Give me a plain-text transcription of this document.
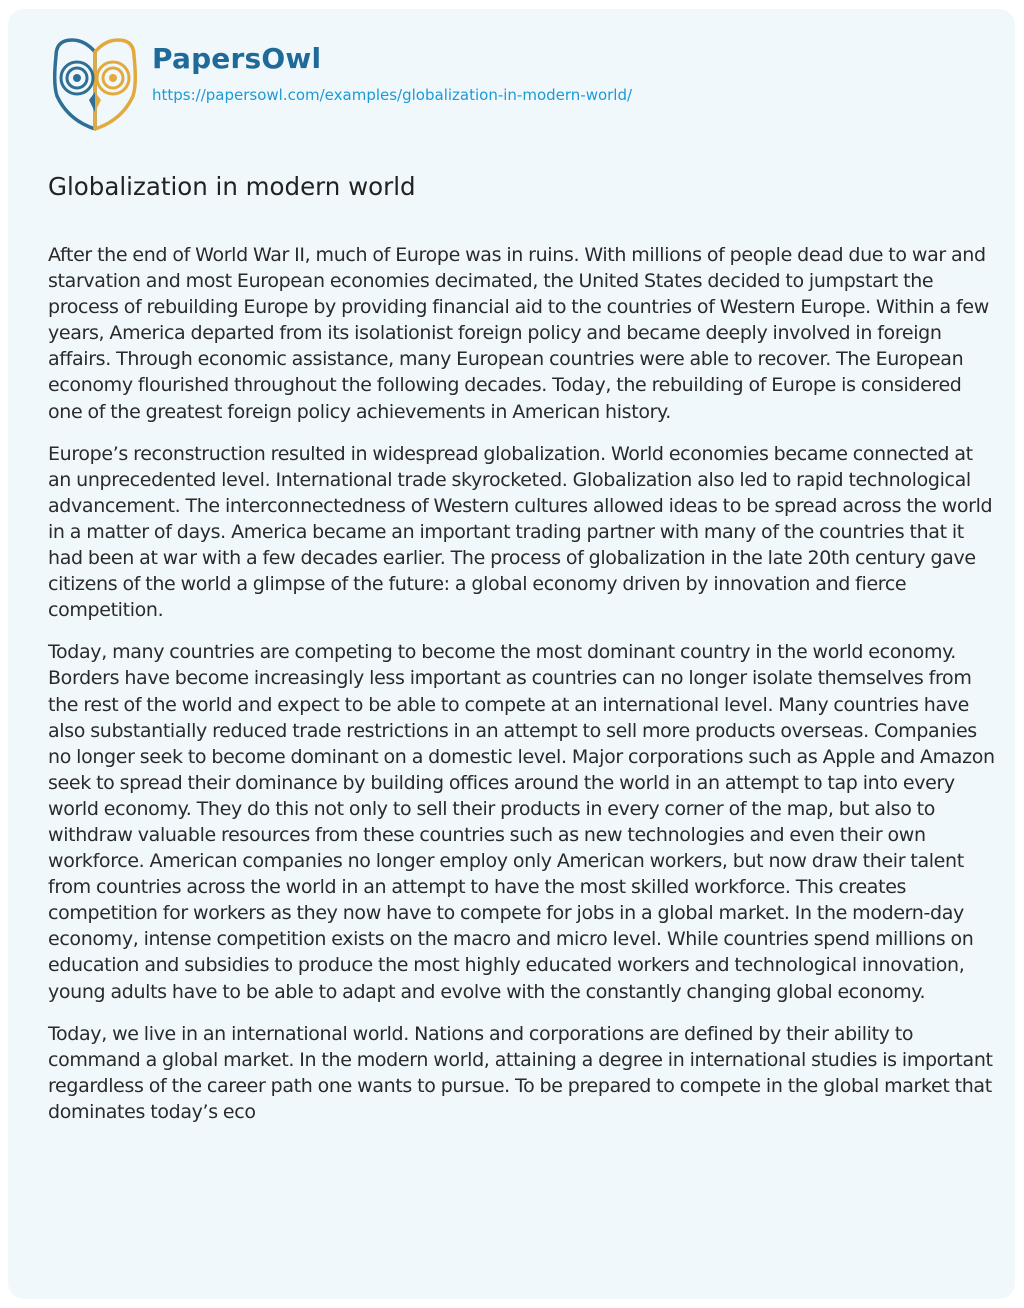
PapersOwl
https://papersowl.com/examples/globalization-in-modern-world/
Globalization in modern world

After the end of World War II, much of Europe was in ruins. With millions of people dead due to war and starvation and most European economies decimated, the United States decided to jumpstart the process of rebuilding Europe by providing financial aid to the countries of Western Europe. Within a few years, America departed from its isolationist foreign policy and became deeply involved in foreign affairs. Through economic assistance, many European countries were able to recover. The European economy flourished throughout the following decades. Today, the rebuilding of Europe is considered one of the greatest foreign policy achievements in American history.

Europe’s reconstruction resulted in widespread globalization. World economies became connected at an unprecedented level. International trade skyrocketed. Globalization also led to rapid technological advancement. The interconnectedness of Western cultures allowed ideas to be spread across the world in a matter of days. America became an important trading partner with many of the countries that it had been at war with a few decades earlier. The process of globalization in the late 20th century gave citizens of the world a glimpse of the future: a global economy driven by innovation and fierce competition.

Today, many countries are competing to become the most dominant country in the world economy. Borders have become increasingly less important as countries can no longer isolate themselves from the rest of the world and expect to be able to compete at an international level. Many countries have also substantially reduced trade restrictions in an attempt to sell more products overseas. Companies no longer seek to become dominant on a domestic level. Major corporations such as Apple and Amazon seek to spread their dominance by building offices around the world in an attempt to tap into every world economy. They do this not only to sell their products in every corner of the map, but also to withdraw valuable resources from these countries such as new technologies and even their own workforce. American companies no longer employ only American workers, but now draw their talent from countries across the world in an attempt to have the most skilled workforce. This creates competition for workers as they now have to compete for jobs in a global market. In the modern-day economy, intense competition exists on the macro and micro level. While countries spend millions on education and subsidies to produce the most highly educated workers and technological innovation, young adults have to be able to adapt and evolve with the constantly changing global economy.

Today, we live in an international world. Nations and corporations are defined by their ability to command a global market. In the modern world, attaining a degree in international studies is important regardless of the career path one wants to pursue. To be prepared to compete in the global market that dominates today’s eco
